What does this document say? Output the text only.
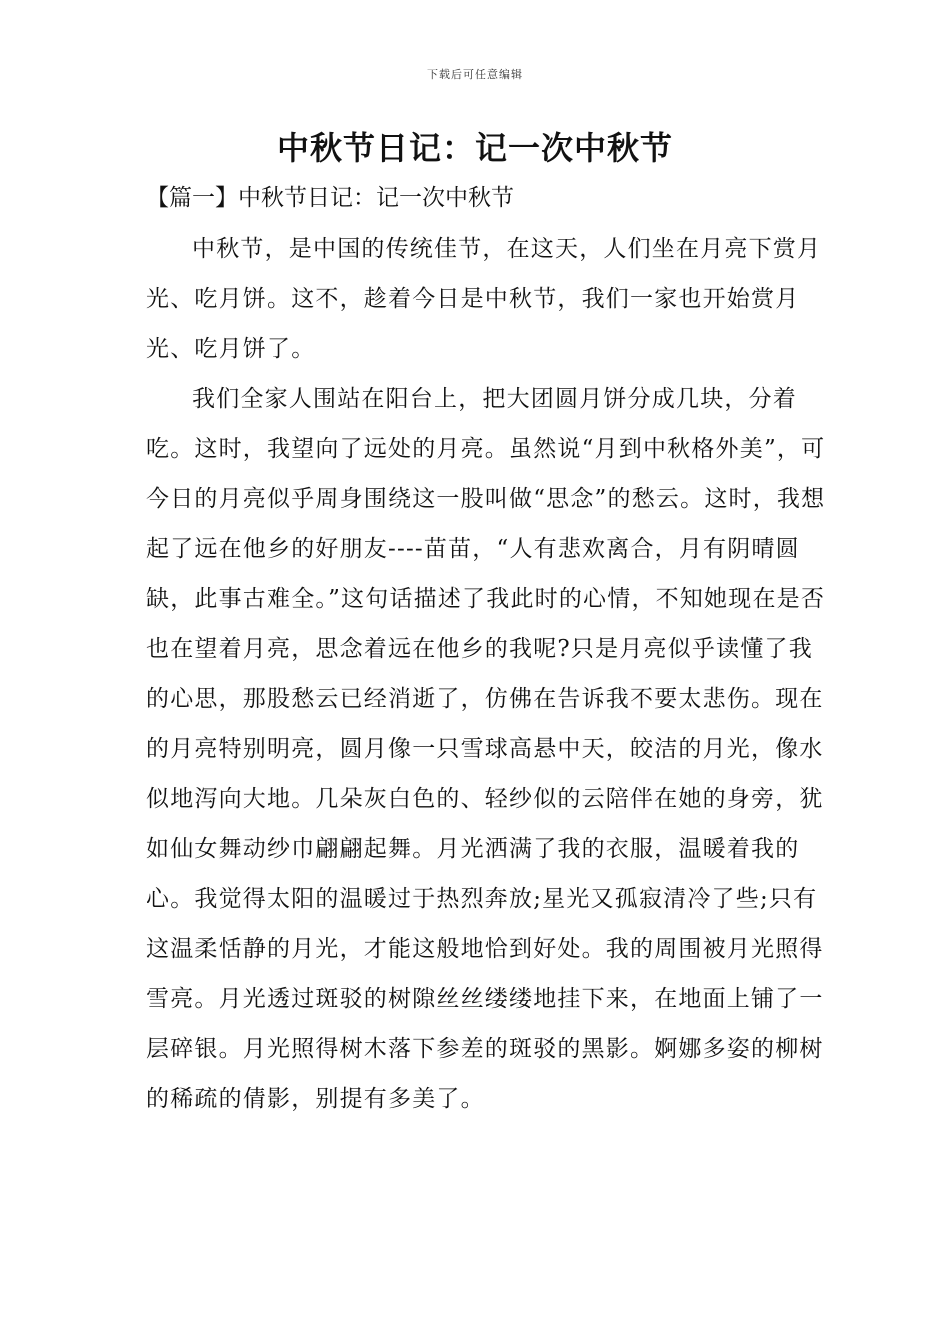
下载后可任意编辑
中秋节日记：记一次中秋节
【篇一】中秋节日记：记一次中秋节

中秋节，是中国的传统佳节，在这天，人们坐在月亮下赏月光、吃月饼。这不，趁着今日是中秋节，我们一家也开始赏月光、吃月饼了。

我们全家人围站在阳台上，把大团圆月饼分成几块，分着吃。这时，我望向了远处的月亮。虽然说“月到中秋格外美”，可今日的月亮似乎周身围绕这一股叫做“思念”的愁云。这时，我想起了远在他乡的好朋友----苗苗，“人有悲欢离合，月有阴晴圆缺，此事古难全。”这句话描述了我此时的心情，不知她现在是否也在望着月亮，思念着远在他乡的我呢?只是月亮似乎读懂了我的心思，那股愁云已经消逝了，仿佛在告诉我不要太悲伤。现在的月亮特别明亮，圆月像一只雪球高悬中天，皎洁的月光，像水似地泻向大地。几朵灰白色的、轻纱似的云陪伴在她的身旁，犹如仙女舞动纱巾翩翩起舞。月光洒满了我的衣服，温暖着我的心。我觉得太阳的温暖过于热烈奔放;星光又孤寂清冷了些;只有这温柔恬静的月光，才能这般地恰到好处。我的周围被月光照得雪亮。月光透过斑驳的树隙丝丝缕缕地挂下来，在地面上铺了一层碎银。月光照得树木落下参差的斑驳的黑影。婀娜多姿的柳树的稀疏的倩影，别提有多美了。
